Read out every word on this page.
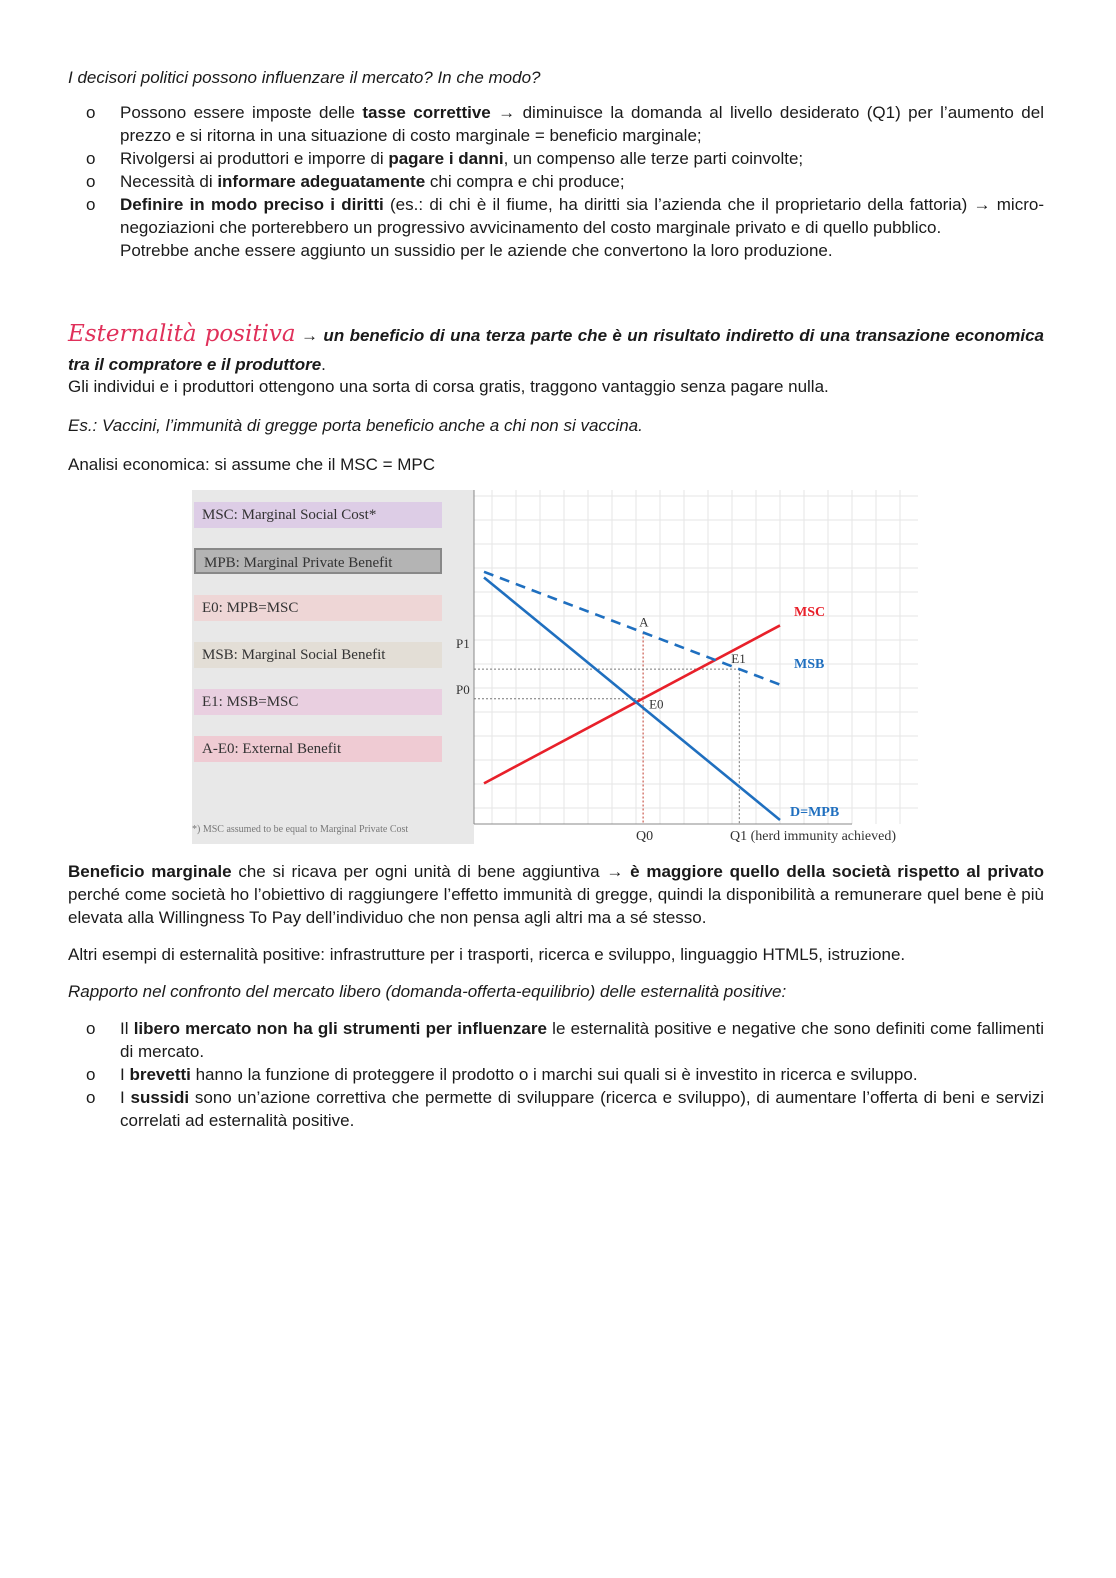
I decisori politici possono influenzare il mercato? In che modo?

o Possono essere imposte delle tasse correttive → diminuisce la domanda al livello desiderato (Q1) per l’aumento del prezzo e si ritorna in una situazione di costo marginale = beneficio marginale;
o Rivolgersi ai produttori e imporre di pagare i danni, un compenso alle terze parti coinvolte;
o Necessità di informare adeguatamente chi compra e chi produce;
o Definire in modo preciso i diritti (es.: di chi è il fiume, ha diritti sia l’azienda che il proprietario della fattoria) → micro-negoziazioni che porterebbero un progressivo avvicinamento del costo marginale privato e di quello pubblico.
Potrebbe anche essere aggiunto un sussidio per le aziende che convertono la loro produzione.

Esternalità positiva → un beneficio di una terza parte che è un risultato indiretto di una transazione economica tra il compratore e il produttore.

Gli individui e i produttori ottengono una sorta di corsa gratis, traggono vantaggio senza pagare nulla.

Es.: Vaccini, l’immunità di gregge porta beneficio anche a chi non si vaccina.

Analisi economica: si assume che il MSC = MPC

MSC: Marginal Social Cost*
MPB: Marginal Private Benefit
E0: MPB=MSC
MSB: Marginal Social Benefit
E1: MSB=MSC
A-E0: External Benefit
*) MSC assumed to be equal to Marginal Private Cost
A
E1
E0
P1
P0
Q0	Q1 (herd immunity achieved)
MSC
MSB
D=MPB

Beneficio marginale che si ricava per ogni unità di bene aggiuntiva → è maggiore quello della società rispetto al privato perché come società ho l’obiettivo di raggiungere l’effetto immunità di gregge, quindi la disponibilità a remunerare quel bene è più elevata alla Willingness To Pay dell’individuo che non pensa agli altri ma a sé stesso.

Altri esempi di esternalità positive: infrastrutture per i trasporti, ricerca e sviluppo, linguaggio HTML5, istruzione.

Rapporto nel confronto del mercato libero (domanda-offerta-equilibrio) delle esternalità positive:

o Il libero mercato non ha gli strumenti per influenzare le esternalità positive e negative che sono definiti come fallimenti di mercato.
o I brevetti hanno la funzione di proteggere il prodotto o i marchi sui quali si è investito in ricerca e sviluppo.
o I sussidi sono un’azione correttiva che permette di sviluppare (ricerca e sviluppo), di aumentare l’offerta di beni e servizi correlati ad esternalità positive.
